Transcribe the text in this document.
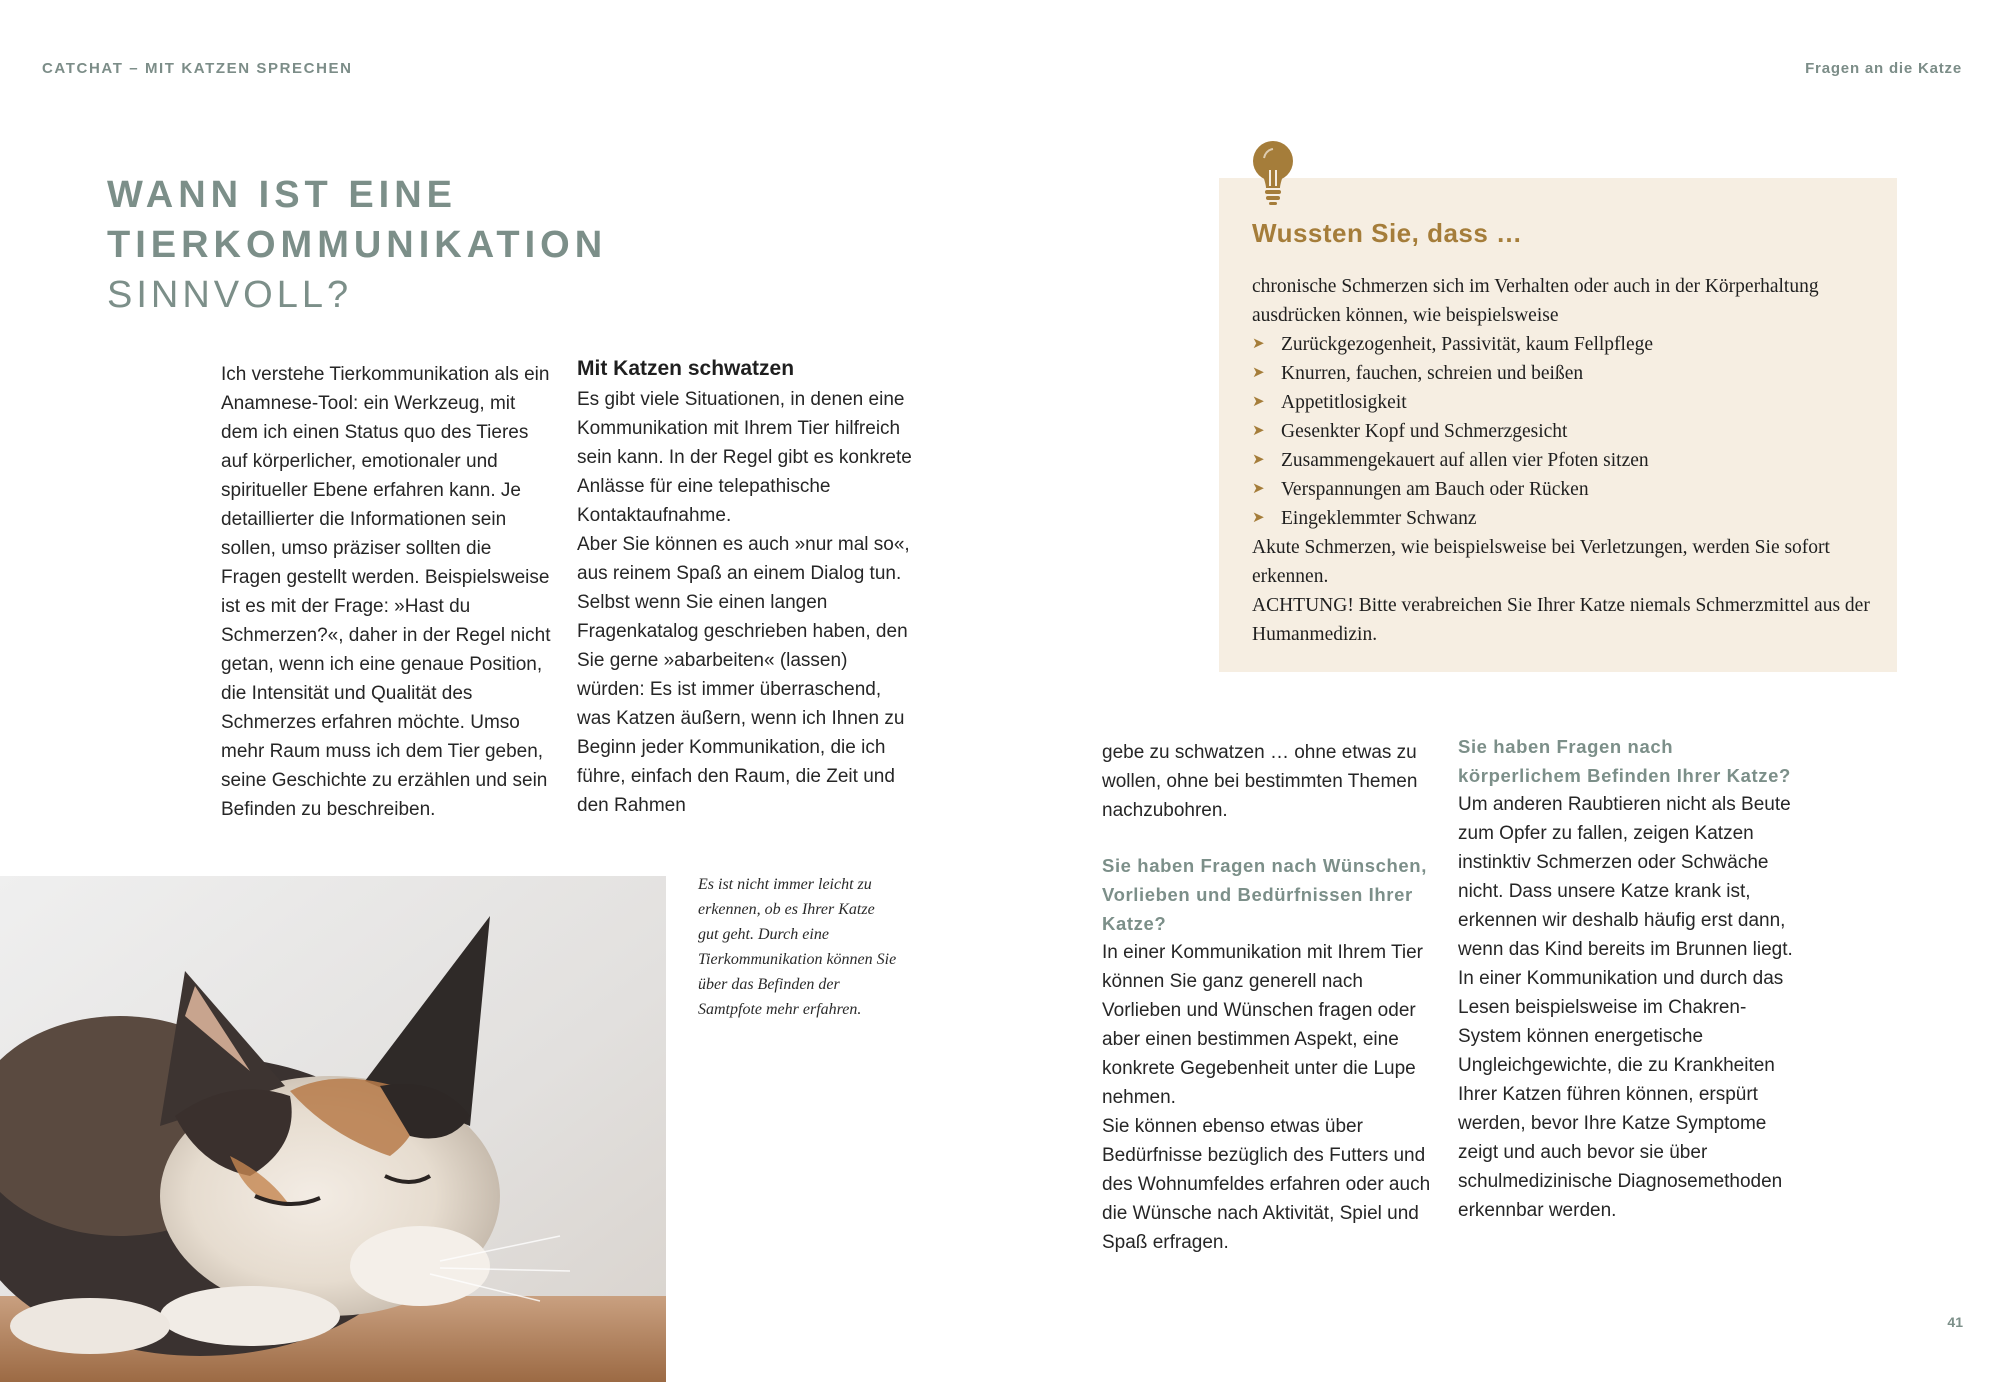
CATCHAT – MIT KATZEN SPRECHEN	Fragen an die Katze
WANN IST EINE
TIERKOMMUNIKATION
SINNVOLL?

Ich verstehe Tierkommunikation als ein Anamnese-Tool: ein Werkzeug, mit dem ich einen Status quo des Tieres auf körperlicher, emotionaler und spiritueller Ebene erfahren kann. Je detaillierter die Informationen sein sollen, umso präziser sollten die Fragen gestellt werden. Beispielsweise ist es mit der Frage: »Hast du Schmerzen?«, daher in der Regel nicht getan, wenn ich eine genaue Position, die Intensität und Qualität des Schmerzes erfahren möchte. Umso mehr Raum muss ich dem Tier geben, seine Geschichte zu erzählen und sein Befinden zu beschreiben.

Mit Katzen schwatzen

Es gibt viele Situationen, in denen eine Kommunikation mit Ihrem Tier hilfreich sein kann. In der Regel gibt es konkrete Anlässe für eine telepathische Kontaktaufnahme.

Aber Sie können es auch »nur mal so«, aus reinem Spaß an einem Dialog tun. Selbst wenn Sie einen langen Fragenkatalog geschrieben haben, den Sie gerne »abarbeiten« (lassen) würden: Es ist immer überraschend, was Katzen äußern, wenn ich Ihnen zu Beginn jeder Kommunikation, die ich führe, einfach den Raum, die Zeit und den Rahmen

Es ist nicht immer leicht zu erkennen, ob es Ihrer Katze gut geht. Durch eine Tierkommunikation können Sie über das Befinden der Samtpfote mehr erfahren.
Wussten Sie, dass …

chronische Schmerzen sich im Verhalten oder auch in der Körperhaltung ausdrücken können, wie beispielsweise

➤ Zurückgezogenheit, Passivität, kaum Fellpflege
➤ Knurren, fauchen, schreien und beißen
➤ Appetitlosigkeit
➤ Gesenkter Kopf und Schmerzgesicht
➤ Zusammengekauert auf allen vier Pfoten sitzen
➤ Verspannungen am Bauch oder Rücken
➤ Eingeklemmter Schwanz

Akute Schmerzen, wie beispielsweise bei Verletzungen, werden Sie sofort erkennen.

ACHTUNG! Bitte verabreichen Sie Ihrer Katze niemals Schmerzmittel aus der Humanmedizin.

gebe zu schwatzen … ohne etwas zu wollen, ohne bei bestimmten Themen nachzubohren.

Sie haben Fragen nach Wünschen, Vorlieben und Bedürfnissen Ihrer Katze?

In einer Kommunikation mit Ihrem Tier können Sie ganz generell nach Vorlieben und Wünschen fragen oder aber einen bestimmen Aspekt, eine konkrete Gegebenheit unter die Lupe nehmen.

Sie können ebenso etwas über Bedürfnisse bezüglich des Futters und des Wohnumfeldes erfahren oder auch die Wünsche nach Aktivität, Spiel und Spaß erfragen.

Sie haben Fragen nach körperlichem Befinden Ihrer Katze?

Um anderen Raubtieren nicht als Beute zum Opfer zu fallen, zeigen Katzen instinktiv Schmerzen oder Schwäche nicht. Dass unsere Katze krank ist, erkennen wir deshalb häufig erst dann, wenn das Kind bereits im Brunnen liegt.

In einer Kommunikation und durch das Lesen beispielsweise im Chakren-System können energetische Ungleichgewichte, die zu Krankheiten Ihrer Katzen führen können, erspürt werden, bevor Ihre Katze Symptome zeigt und auch bevor sie über schulmedizinische Diagnosemethoden erkennbar werden.

41
